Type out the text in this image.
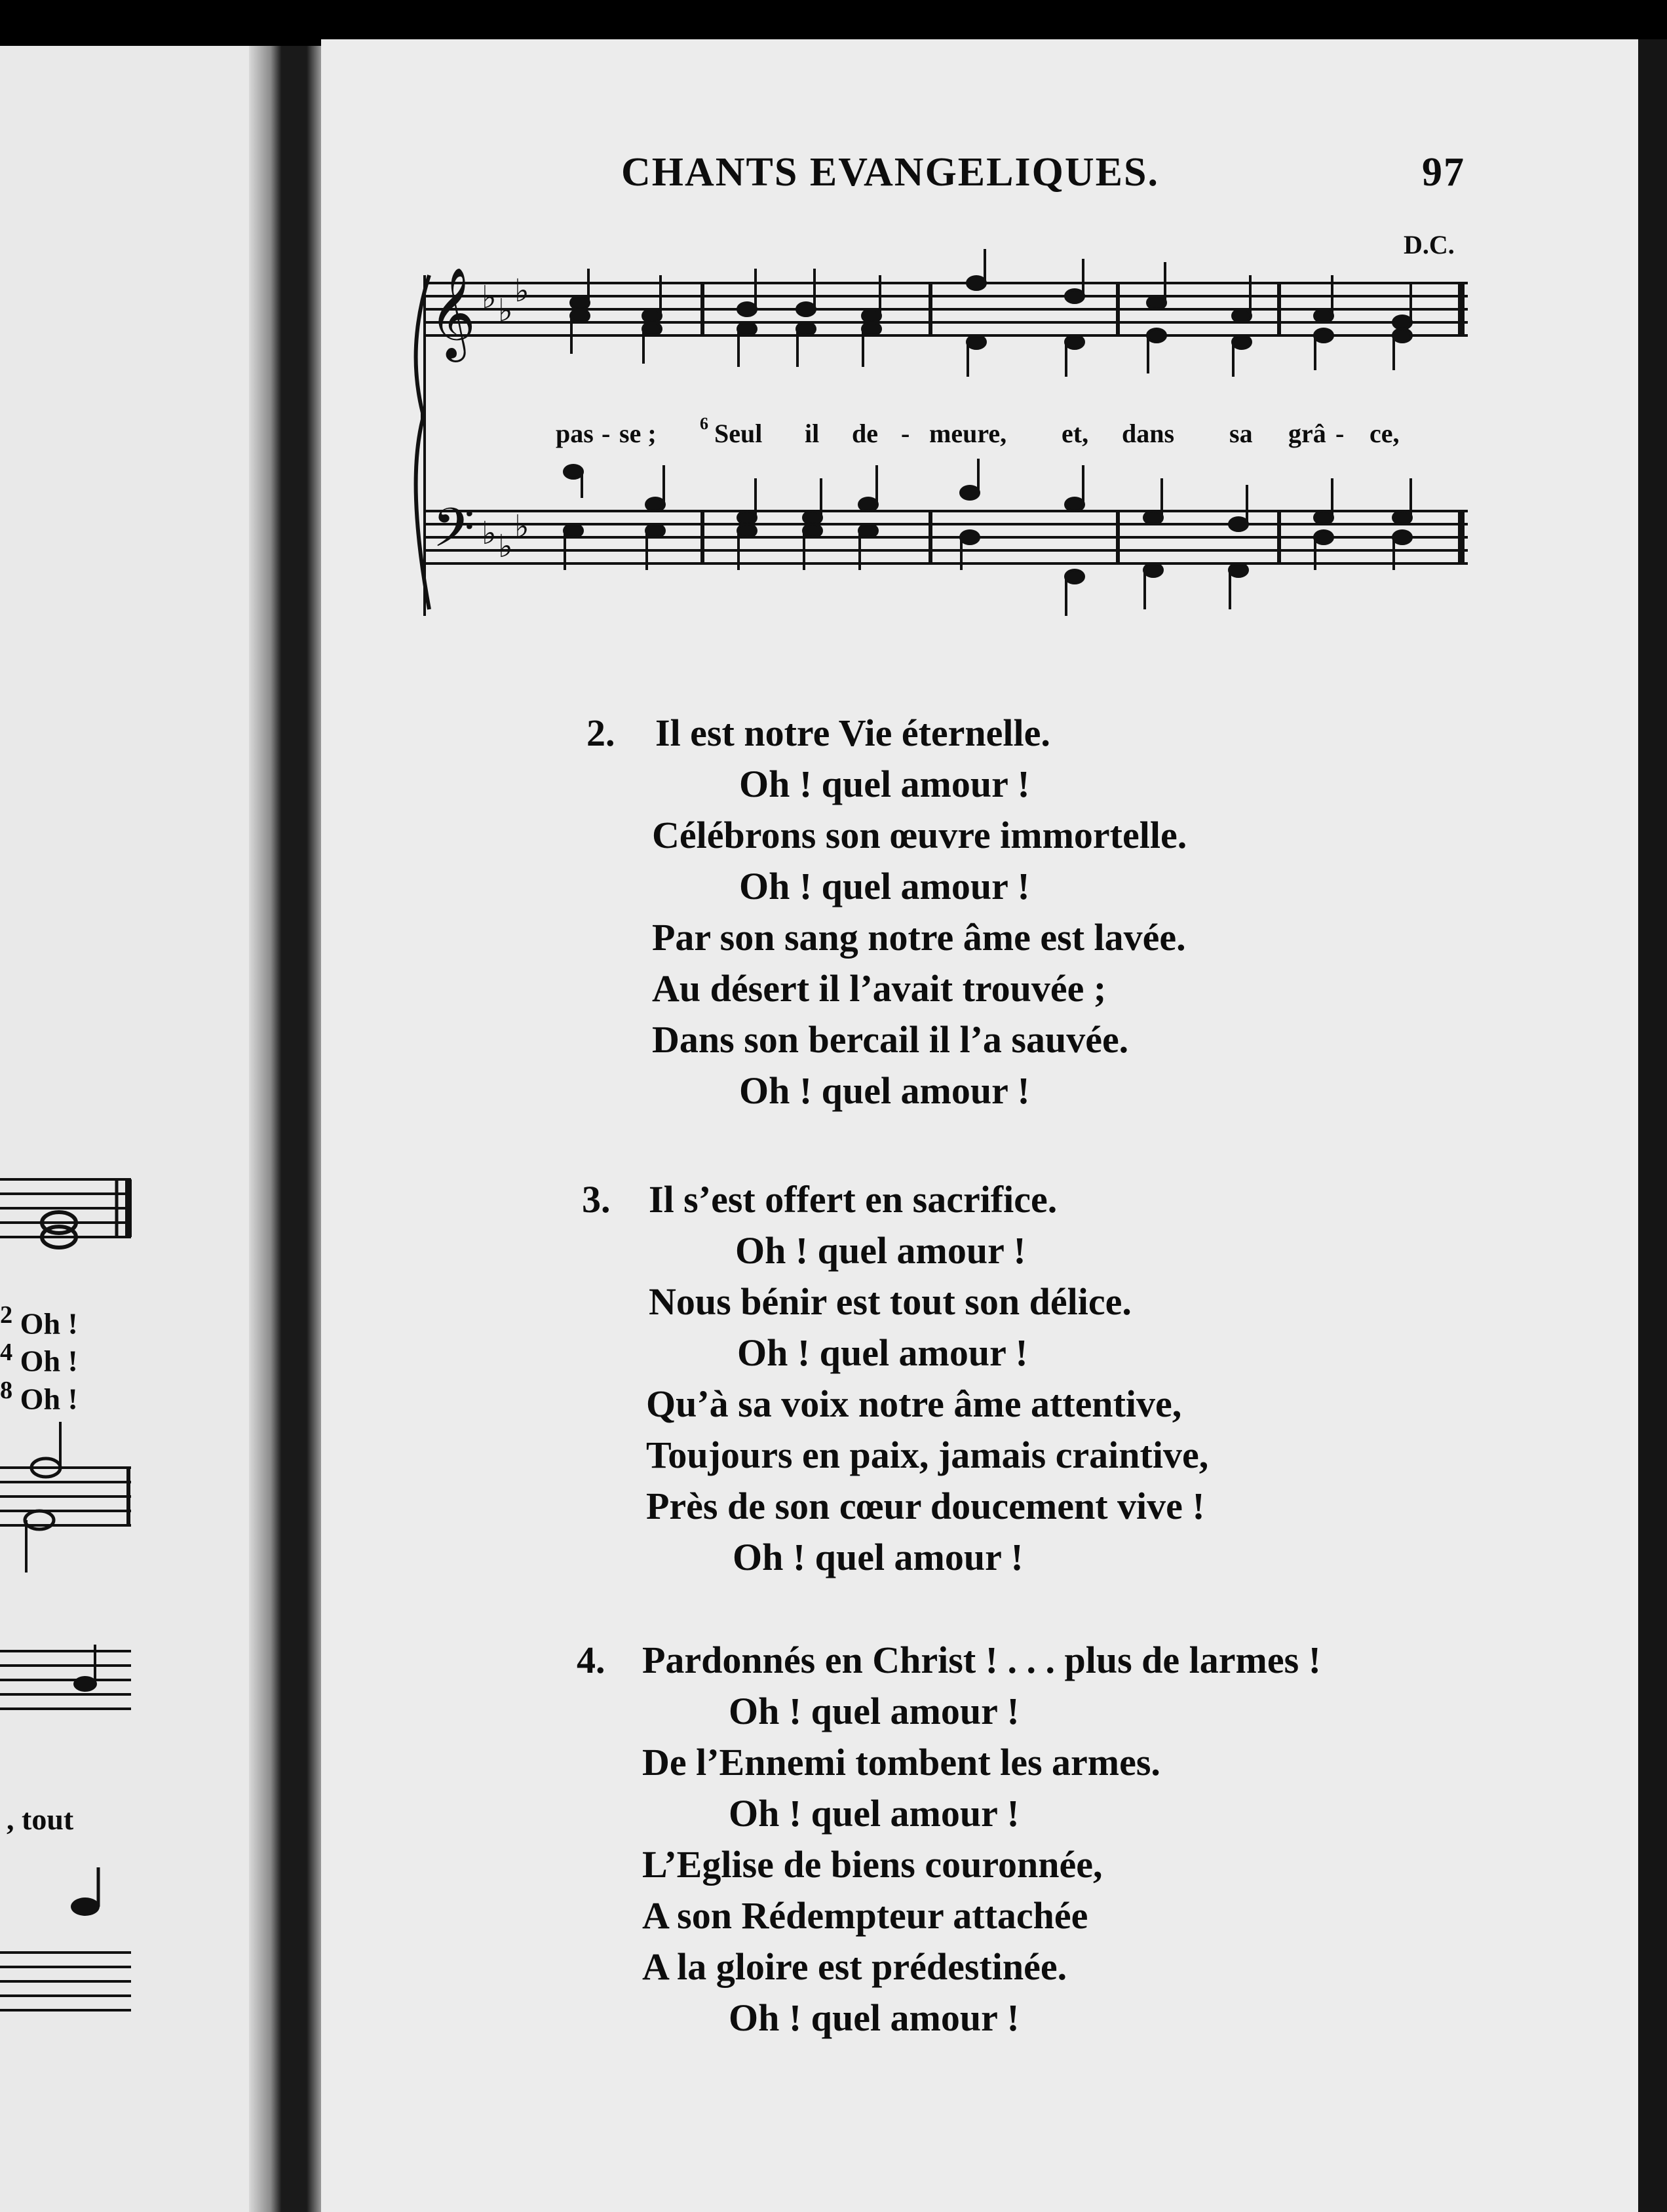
CHANTS EVANGELIQUES.	97
D.C.
𝄞 ♭ ♭
♭
𝄢 ♭ ♭
♭
pas - se ;	6 Seul il de - meure, et, dans sa grâ - ce,
2. Il est notre Vie éternelle.
Oh ! quel amour !
Célébrons son œuvre immortelle.
Oh ! quel amour !
Par son sang notre âme est lavée.
Au désert il l’avait trouvée ;
Dans son bercail il l’a sauvée.
Oh ! quel amour !
3. Il s’est offert en sacrifice.
Oh ! quel amour !
Nous bénir est tout son délice.
Oh ! quel amour !
Qu’à sa voix notre âme attentive,
Toujours en paix, jamais craintive,
Près de son cœur doucement vive !
Oh ! quel amour !
4. Pardonnés en Christ ! . . . plus de larmes !
Oh ! quel amour !
De l’Ennemi tombent les armes.
Oh ! quel amour !
L’Eglise de biens couronnée,
A son Rédempteur attachée
A la gloire est prédestinée.
Oh ! quel amour !
$^2$ Oh !
$^4$ Oh !
$^8$ Oh !
, tout
